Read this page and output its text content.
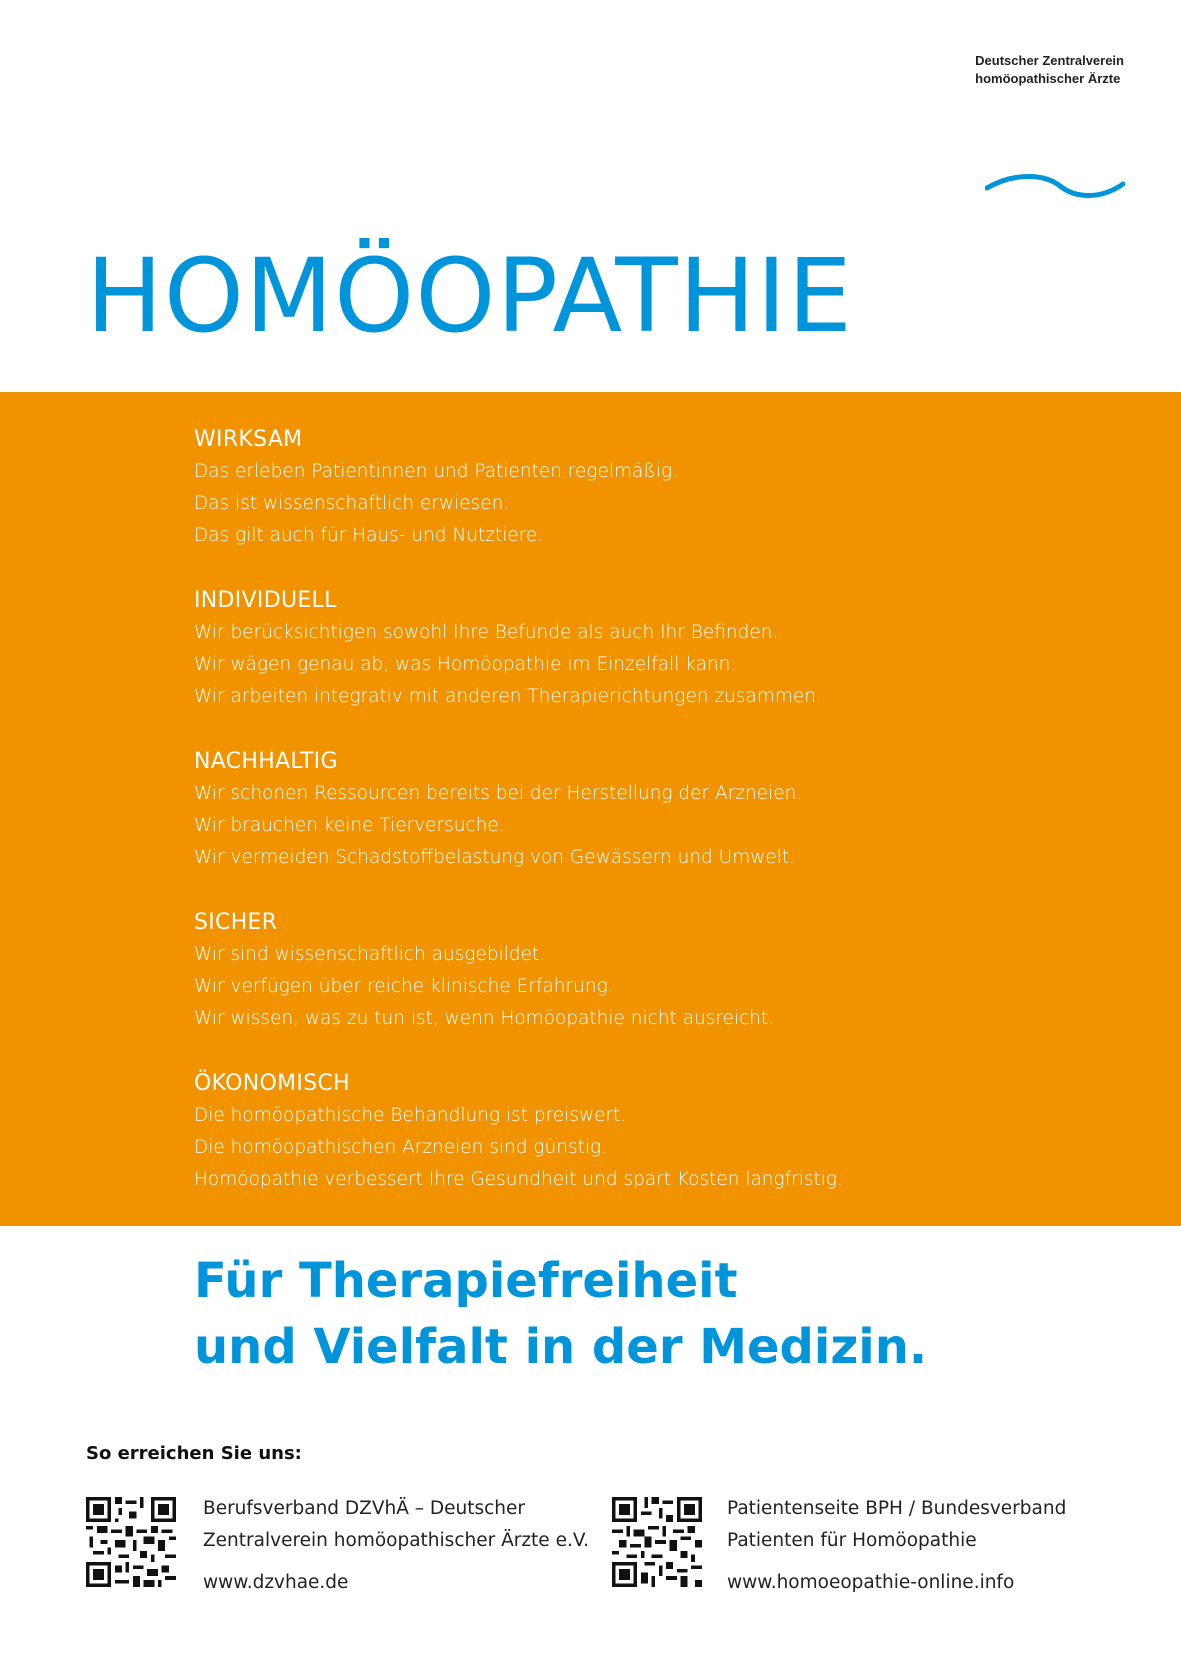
Deutscher Zentralverein
homöopathischer Ärzte
HOMÖOPATHIE
WIRKSAM
Das erleben Patientinnen und Patienten regelmäßig.
Das ist wissenschaftlich erwiesen.
Das gilt auch für Haus- und Nutztiere.
INDIVIDUELL
Wir berücksichtigen sowohl Ihre Befunde als auch Ihr Befinden.
Wir wägen genau ab, was Homöopathie im Einzelfall kann.
Wir arbeiten integrativ mit anderen Therapierichtungen zusammen.
NACHHALTIG
Wir schonen Ressourcen bereits bei der Herstellung der Arzneien.
Wir brauchen keine Tierversuche.
Wir vermeiden Schadstoffbelastung von Gewässern und Umwelt.
SICHER
Wir sind wissenschaftlich ausgebildet.
Wir verfügen über reiche klinische Erfahrung.
Wir wissen, was zu tun ist, wenn Homöopathie nicht ausreicht.
ÖKONOMISCH
Die homöopathische Behandlung ist preiswert.
Die homöopathischen Arzneien sind günstig.
Homöopathie verbessert Ihre Gesundheit und spart Kosten langfristig.
Für Therapiefreiheit
und Vielfalt in der Medizin.
So erreichen Sie uns:
Berufsverband DZVhÄ – Deutscher
Zentralverein homöopathischer Ärzte e.V.
www.dzvhae.de
Patientenseite BPH / Bundesverband
Patienten für Homöopathie
www.homoeopathie-online.info
